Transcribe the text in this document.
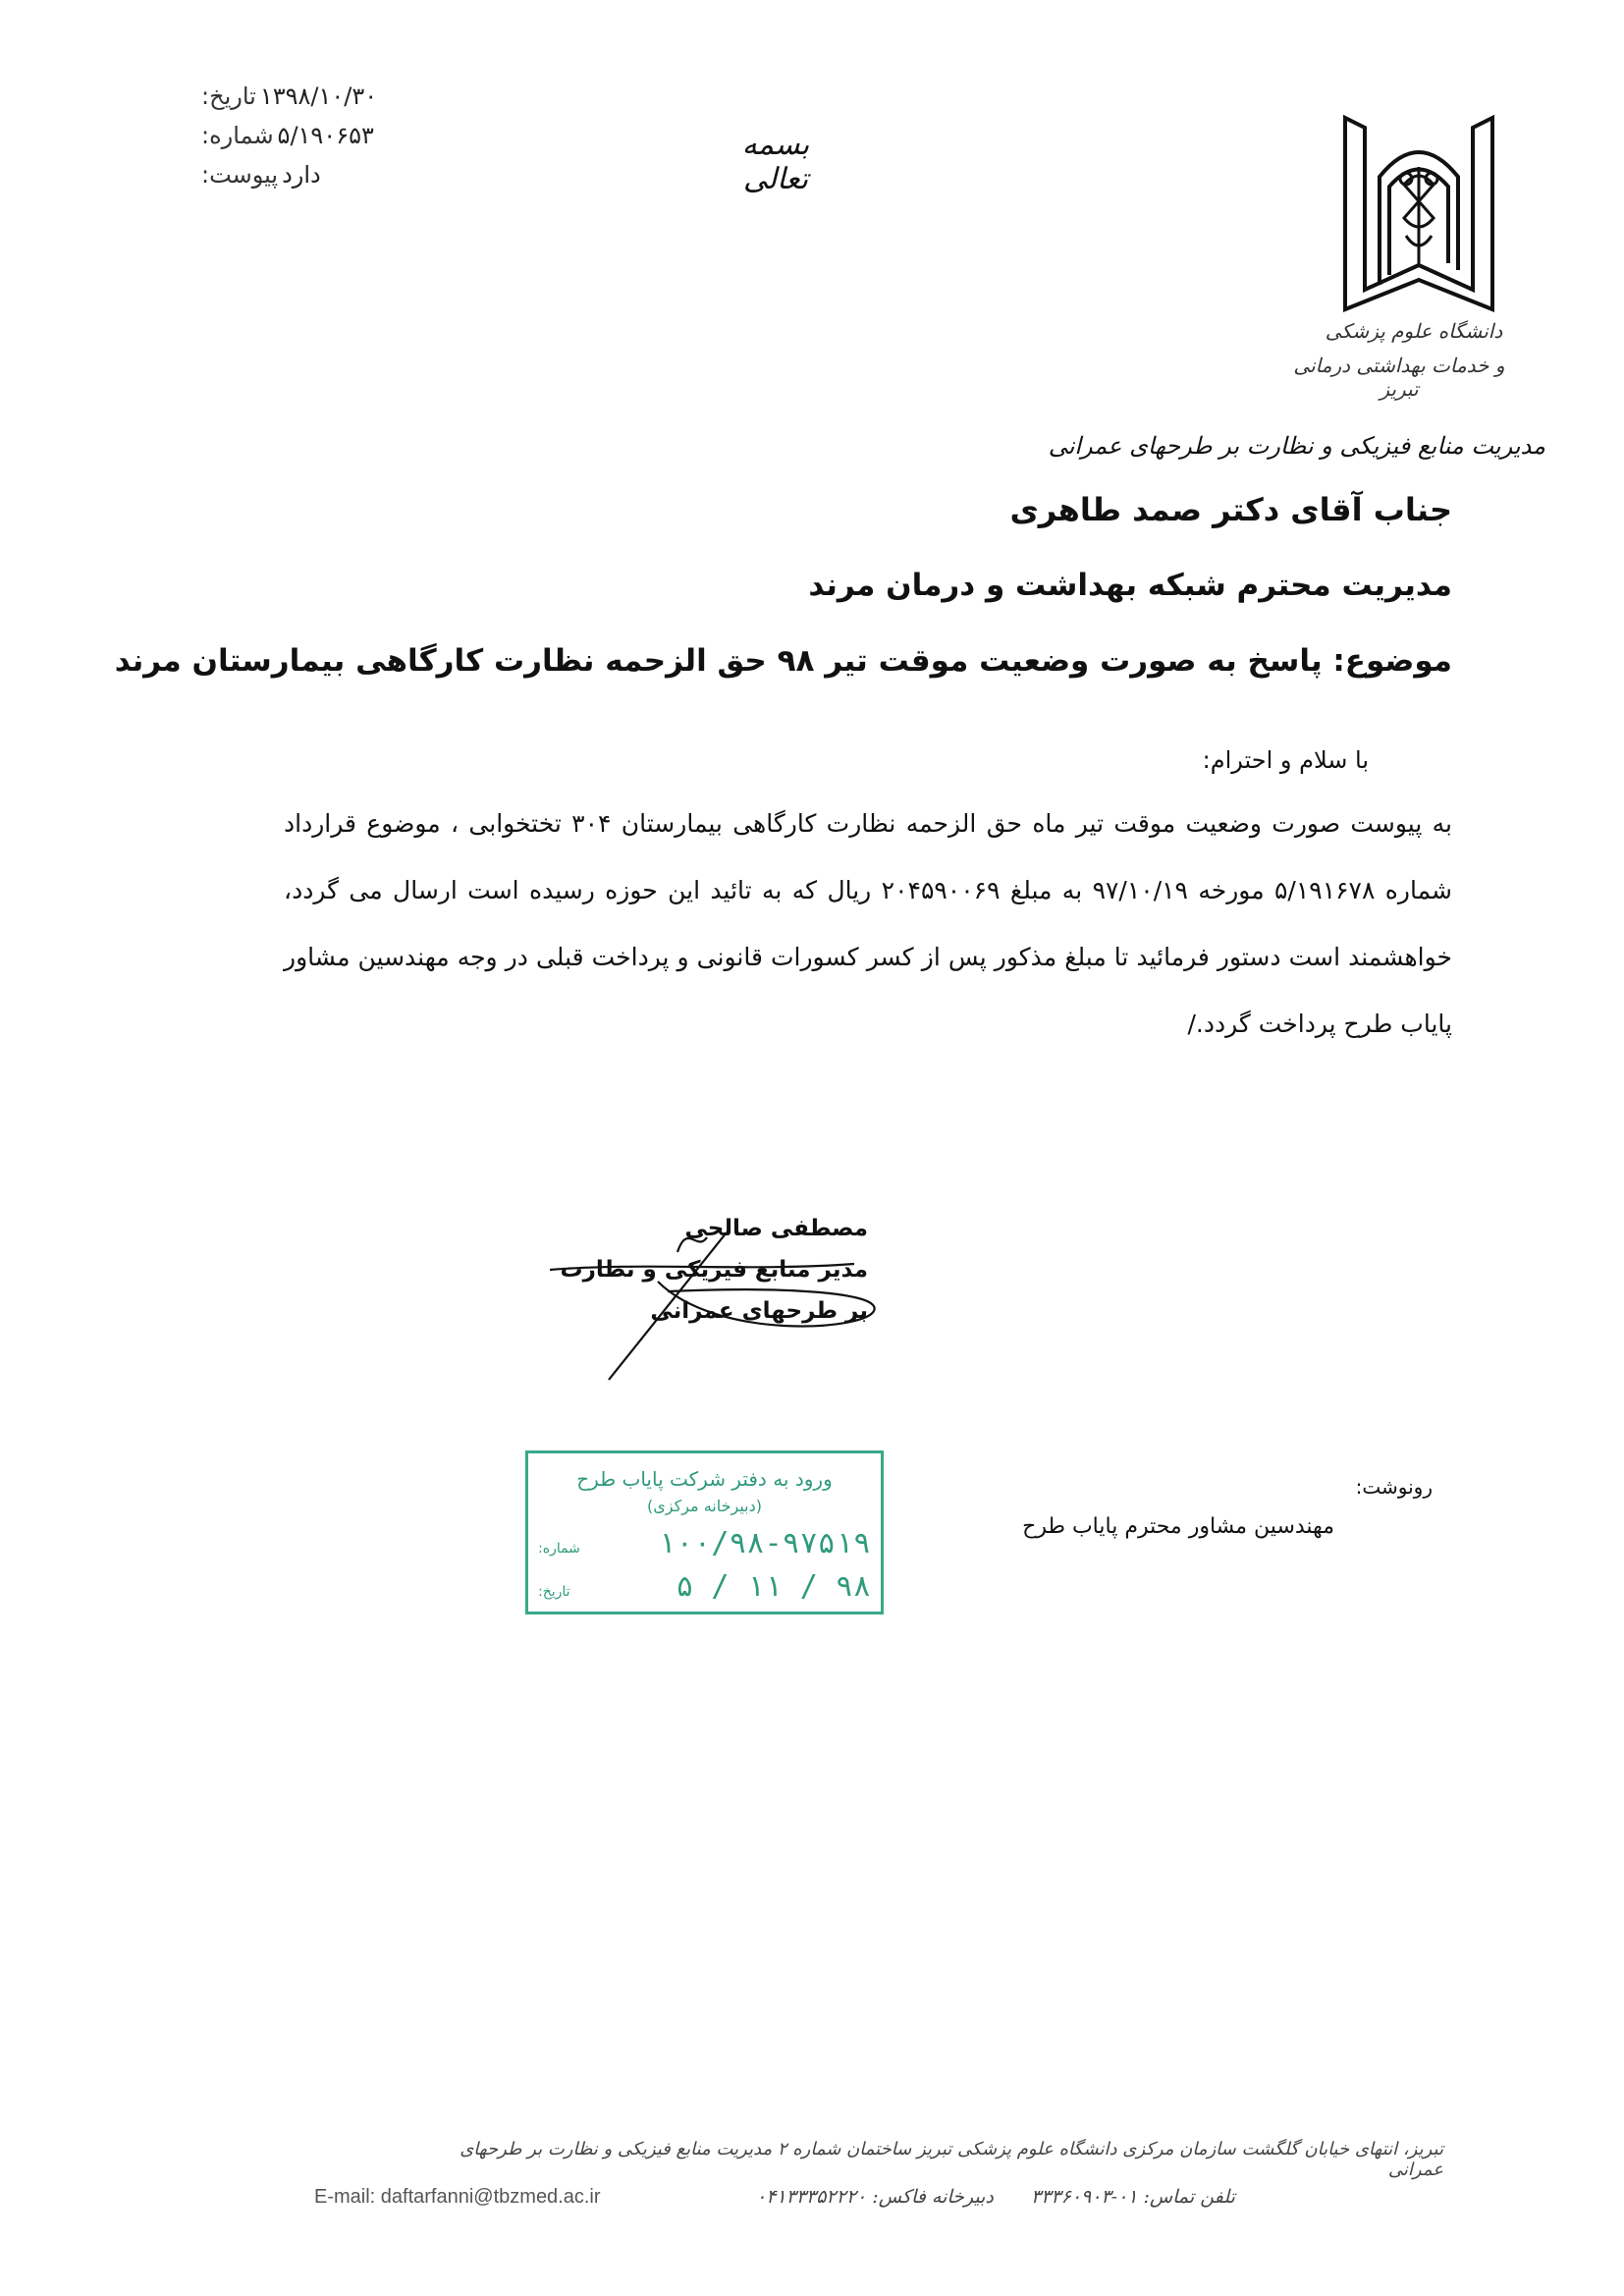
تاریخ: ۱۳۹۸/۱۰/۳۰
شماره: ۵/۱۹۰۶۵۳
پیوست: دارد
بسمه تعالی
دانشگاه علوم پزشکی
و خدمات بهداشتی درمانی تبریز
مدیریت منابع فیزیکی و نظارت بر طرحهای عمرانی
جناب آقای دکتر صمد طاهری
مدیریت محترم شبکه بهداشت و درمان مرند
موضوع: پاسخ به صورت وضعیت موقت تیر ۹۸ حق الزحمه نظارت کارگاهی بیمارستان مرند
با سلام و احترام:
به پیوست صورت وضعیت موقت تیر ماه حق الزحمه نظارت کارگاهی بیمارستان ۳۰۴ تختخوابی ، موضوع قرارداد شماره ۵/۱۹۱۶۷۸ مورخه ۹۷/۱۰/۱۹ به مبلغ ۲۰۴۵۹۰۰۶۹ ریال که به تائید این حوزه رسیده است ارسال می گردد، خواهشمند است دستور فرمائید تا مبلغ مذکور پس از کسر کسورات قانونی و پرداخت قبلی در وجه مهندسین مشاور پایاب طرح پرداخت گردد./
مصطفی صالحی
مدیر منابع فیزیکی و نظارت
بر طرحهای عمرانی
رونوشت:
مهندسین مشاور محترم پایاب طرح
ورود به دفتر شرکت پایاب طرح
(دبیرخانه مرکزی)
شماره:	۱۰۰/۹۸-۹۷۵۱۹
تاریخ:	۹۸ / ۱۱ / ۵
تبریز، انتهای خیابان گلگشت سازمان مرکزی دانشگاه علوم پزشکی تبریز ساختمان شماره ۲ مدیریت منابع فیزیکی و نظارت بر طرحهای عمرانی
E-mail: daftarfanni@tbzmed.ac.ir	دبیرخانه فاکس: ۰۴۱۳۳۳۵۲۲۲۰ تلفن تماس: ۰۱-۳۳۳۶۰۹۰۳
